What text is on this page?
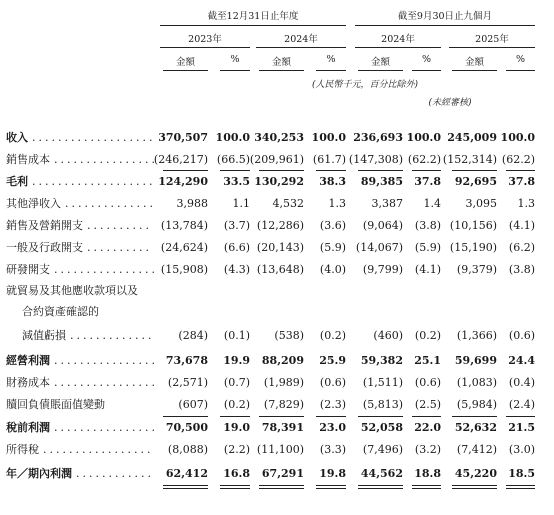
截至12月31日止年度	截至9月30日止九個月
2023年	2024年	2024年	2025年
金額	%	金額	%	金額	%	金額	%
(人民幣千元，百分比除外)
(未經審核)
收入	370,507 100.0 340,253 100.0 236,693 100.0 245,009 100.0
...................
銷售成本	(246,217) (66.5) (209,961) (61.7) (147,308) (62.2) (152,314) (62.2)
................
毛利	124,290	33.5 130,292	38.3	89,385	37.8	92,695	37.8
...................
其他淨收入	3,988	1.1	4,532	1.3	3,387	1.4	3,095	1.3
..............
銷售及營銷開支	(13,784)	(3.7) (12,286)	(3.6)	(9,064)	(3.8) (10,156)	(4.1)
..........
一般及行政開支	(24,624)	(6.6) (20,143)	(5.9) (14,067)	(5.9) (15,190)	(6.2)
..........
研發開支	(15,908)	(4.3) (13,648)	(4.0)	(9,799)	(4.1)	(9,379)	(3.8)
................
就貿易及其他應收款項以及
合約資產確認的
減值虧損	(284)	(0.1)	(538)	(0.2)	(460)	(0.2)	(1,366)	(0.6)
.............
經營利潤	73,678	19.9	88,209	25.9	59,382	25.1	59,699	24.4
................
財務成本	(2,571)	(0.7)	(1,989)	(0.6)	(1,511)	(0.6)	(1,083)	(0.4)
................
贖回負債賬面值變動	(607)	(0.2)	(7,829)	(2.3)	(5,813)	(2.5)	(5,984)	(2.4)
稅前利潤	70,500	19.0	78,391	23.0	52,058	22.0	52,632	21.5
................
所得稅	(8,088)	(2.2) (11,100)	(3.3)	(7,496)	(3.2)	(7,412)	(3.0)
.................
年／期內利潤	62,412	16.8	67,291	19.8	44,562	18.8	45,220	18.5
............
